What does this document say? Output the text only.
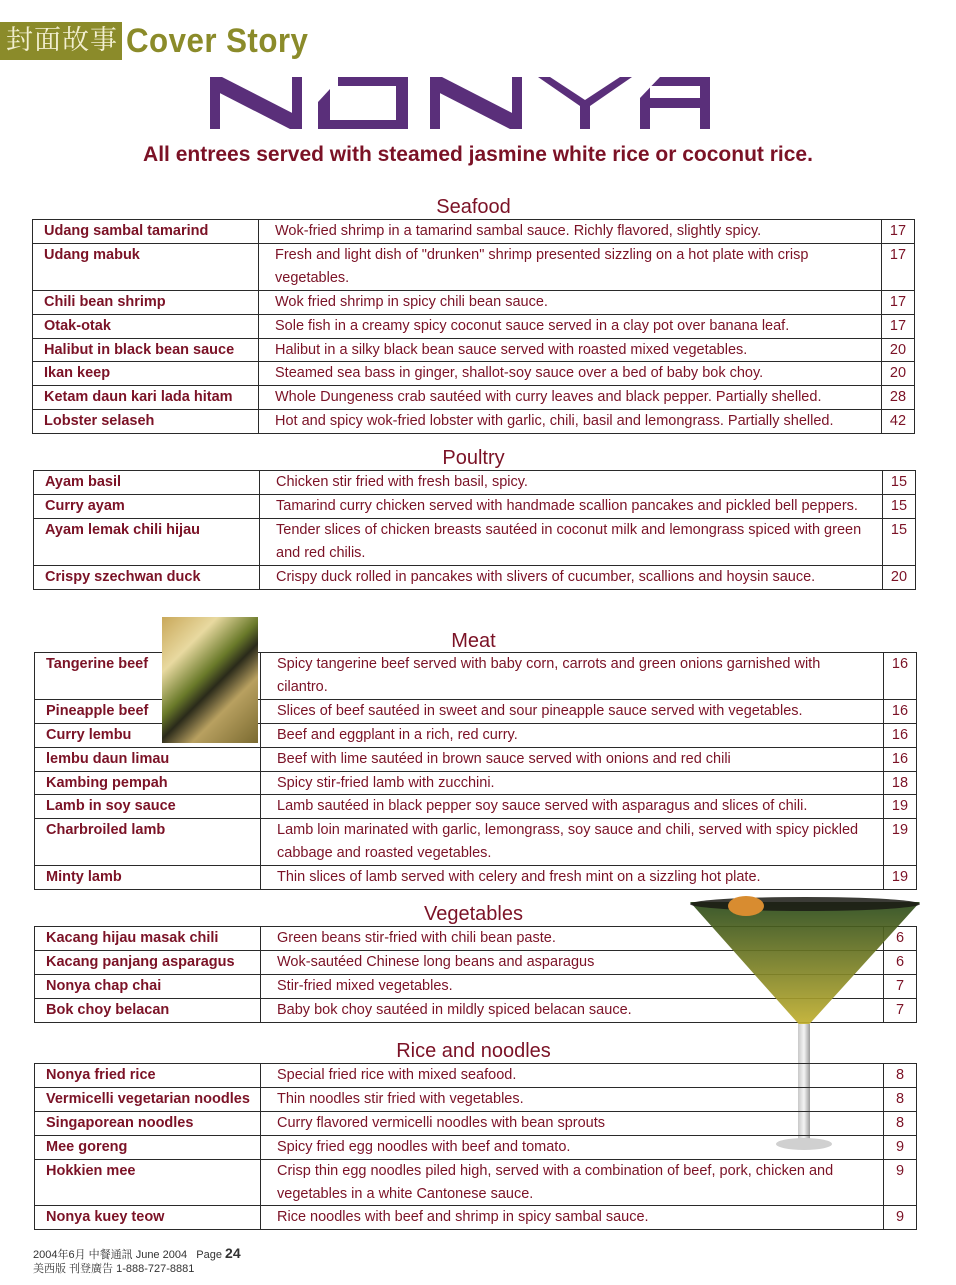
封面故事 Cover Story
All entrees served with steamed jasmine white rice or coconut rice.
Seafood
Udang sambal tamarind	Wok-fried shrimp in a tamarind sambal sauce. Richly flavored, slightly spicy.	17
Udang mabuk	Fresh and light dish of "drunken" shrimp presented sizzling on a hot plate with crisp vegetables.	17
Chili bean shrimp	Wok fried shrimp in spicy chili bean sauce.	17
Otak-otak	Sole fish in a creamy spicy coconut sauce served in a clay pot over banana leaf.	17
Halibut in black bean sauce	Halibut in a silky black bean sauce served with roasted mixed vegetables.	20
Ikan keep	Steamed sea bass in ginger, shallot-soy sauce over a bed of baby bok choy.	20
Ketam daun kari lada hitam	Whole Dungeness crab sautéed with curry leaves and black pepper. Partially shelled.	28
Lobster selaseh	Hot and spicy wok-fried lobster with garlic, chili, basil and lemongrass. Partially shelled.	42
Poultry
Ayam basil	Chicken stir fried with fresh basil, spicy.	15
Curry ayam	Tamarind curry chicken served with handmade scallion pancakes and pickled bell peppers.	15
Ayam lemak chili hijau	Tender slices of chicken breasts sautéed in coconut milk and lemongrass spiced with green and red chilis.	15
Crispy szechwan duck	Crispy duck rolled in pancakes with slivers of cucumber, scallions and hoysin sauce.	20
Meat
Tangerine beef	Spicy tangerine beef served with baby corn, carrots and green onions garnished with cilantro.	16
Pineapple beef	Slices of beef sautéed in sweet and sour pineapple sauce served with vegetables.	16
Curry lembu	Beef and eggplant in a rich, red curry.	16
lembu daun limau	Beef with lime sautéed in brown sauce served with onions and red chili	16
Kambing pempah	Spicy stir-fried lamb with zucchini.	18
Lamb in soy sauce	Lamb sautéed in black pepper soy sauce served with asparagus and slices of chili.	19
Charbroiled lamb	Lamb loin marinated with garlic, lemongrass, soy sauce and chili, served with spicy pickled cabbage and roasted vegetables.	19
Minty lamb	Thin slices of lamb served with celery and fresh mint on a sizzling hot plate.	19
Vegetables
Kacang hijau masak chili	Green beans stir-fried with chili bean paste.	6
Kacang panjang asparagus	Wok-sautéed Chinese long beans and asparagus	6
Nonya chap chai	Stir-fried mixed vegetables.	7
Bok choy belacan	Baby bok choy sautéed in mildly spiced belacan sauce.	7
Rice and noodles
Nonya fried rice	Special fried rice with mixed seafood.	8
Vermicelli vegetarian noodles	Thin noodles stir fried with vegetables.	8
Singaporean noodles	Curry flavored vermicelli noodles with bean sprouts	8
Mee goreng	Spicy fried egg noodles with beef and tomato.	9
Hokkien mee	Crisp thin egg noodles piled high, served with a combination of beef, pork, chicken and vegetables in a white Cantonese sauce.	9
Nonya kuey teow	Rice noodles with beef and shrimp in spicy sambal sauce.	9
2004年6月 中餐通訊 June 2004 Page 24
美西版 刊登廣告 1-888-727-8881
